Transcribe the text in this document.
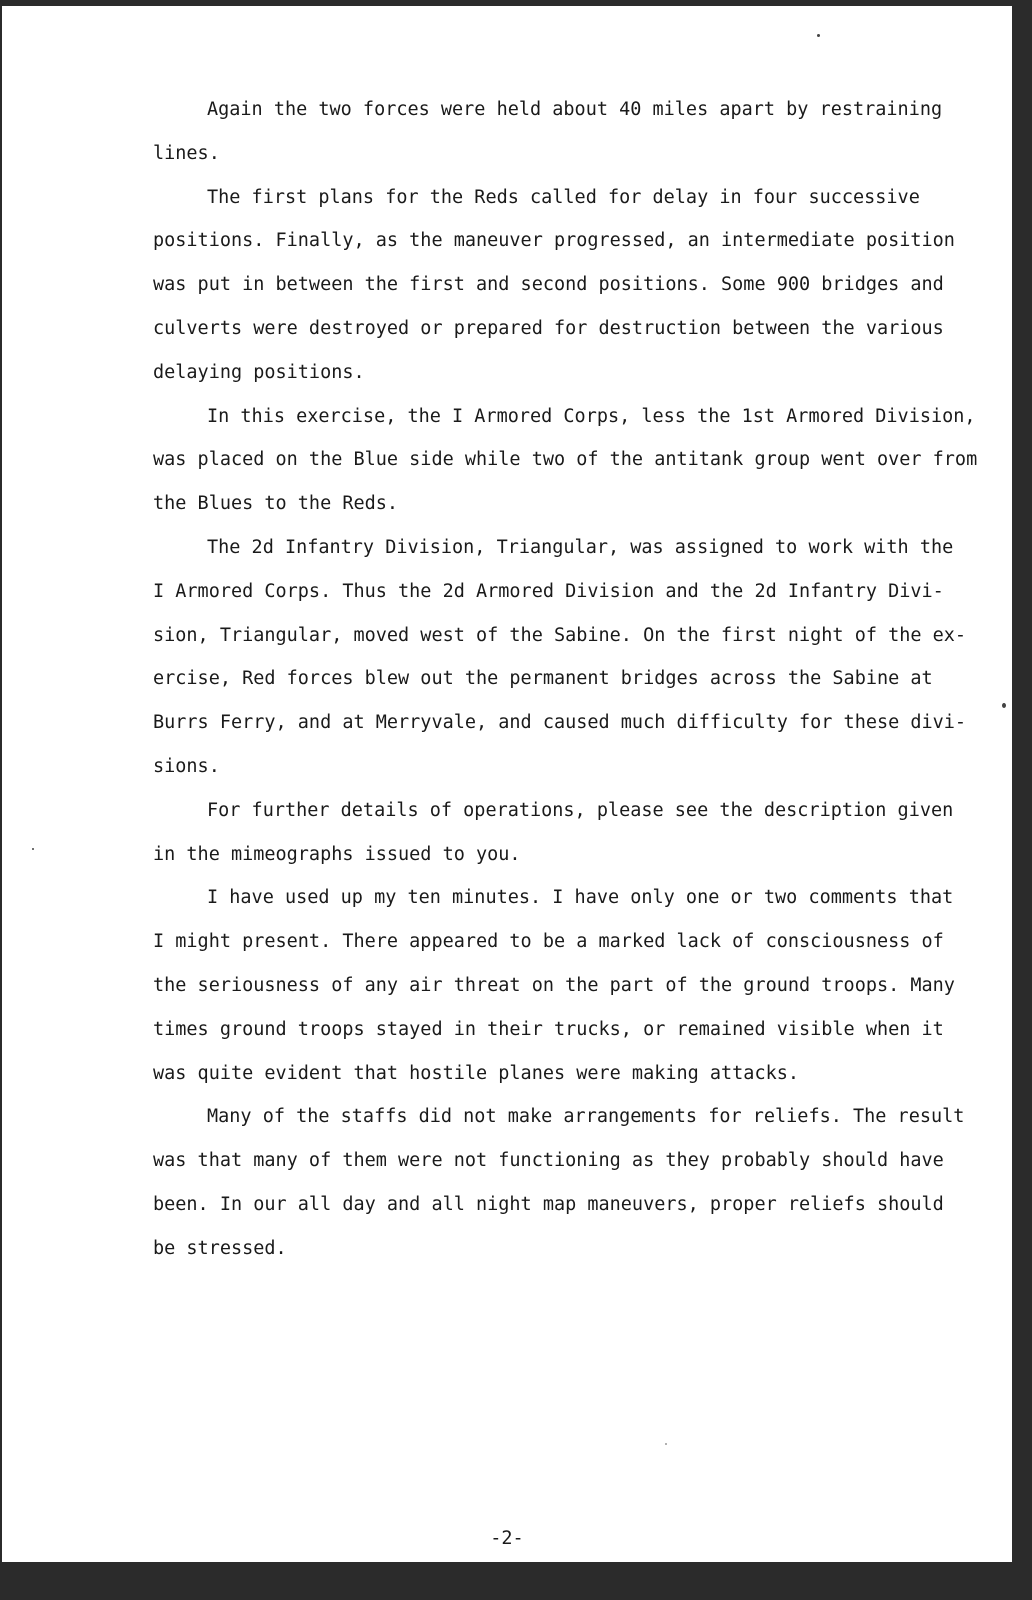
Again the two forces were held about 40 miles apart by restraining
lines.
The first plans for the Reds called for delay in four successive
positions. Finally, as the maneuver progressed, an intermediate position
was put in between the first and second positions. Some 900 bridges and
culverts were destroyed or prepared for destruction between the various
delaying positions.
In this exercise, the I Armored Corps, less the 1st Armored Division,
was placed on the Blue side while two of the antitank group went over from
the Blues to the Reds.
The 2d Infantry Division, Triangular, was assigned to work with the
I Armored Corps. Thus the 2d Armored Division and the 2d Infantry Divi-
sion, Triangular, moved west of the Sabine. On the first night of the ex-
ercise, Red forces blew out the permanent bridges across the Sabine at
Burrs Ferry, and at Merryvale, and caused much difficulty for these divi-
sions.
For further details of operations, please see the description given
in the mimeographs issued to you.
I have used up my ten minutes. I have only one or two comments that
I might present. There appeared to be a marked lack of consciousness of
the seriousness of any air threat on the part of the ground troops. Many
times ground troops stayed in their trucks, or remained visible when it
was quite evident that hostile planes were making attacks.
Many of the staffs did not make arrangements for reliefs. The result
was that many of them were not functioning as they probably should have
been. In our all day and all night map maneuvers, proper reliefs should
be stressed.
-2-
